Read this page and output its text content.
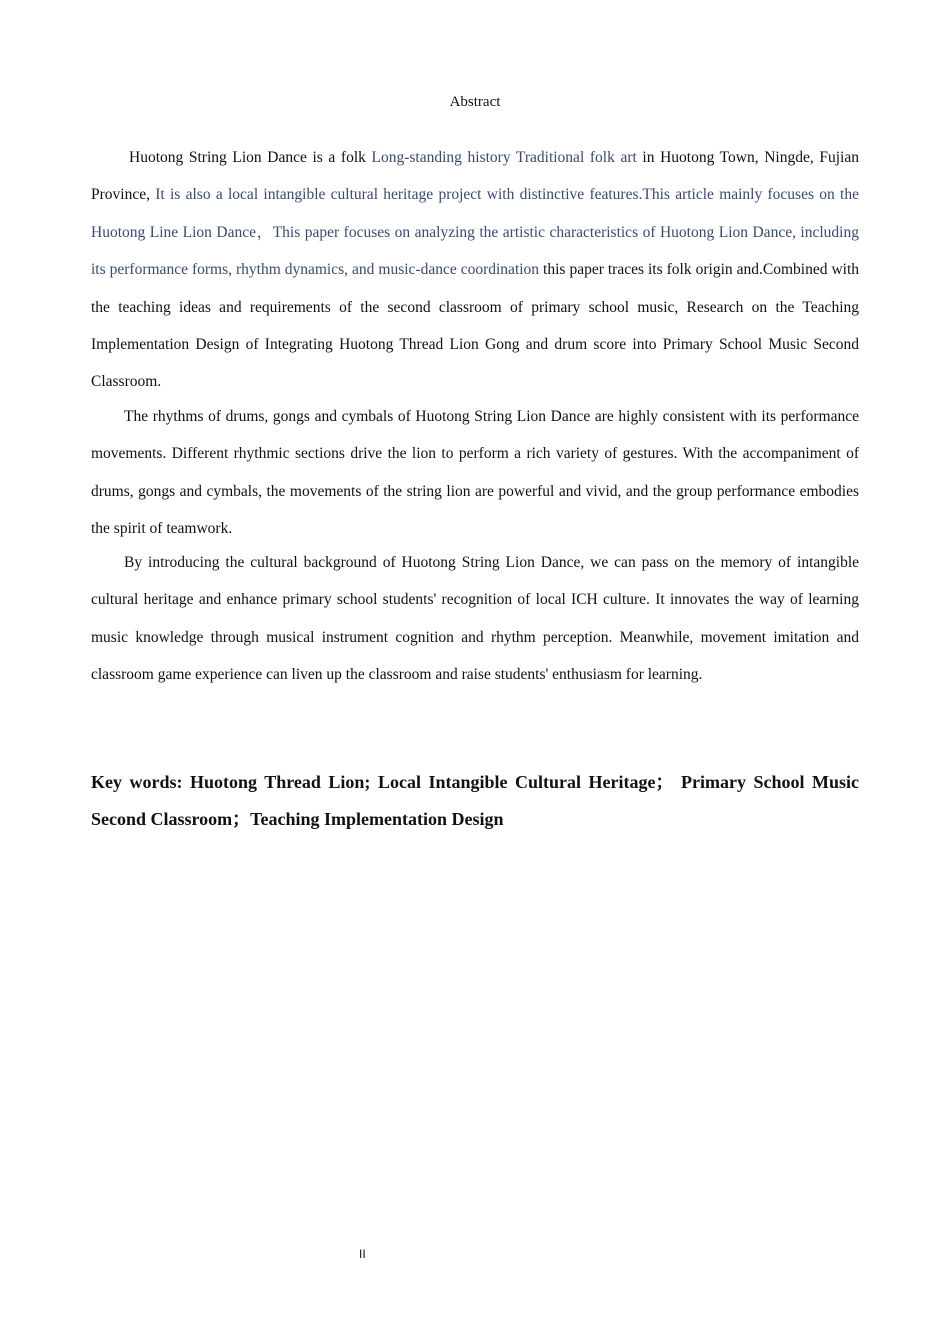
Abstract

Huotong String Lion Dance is a folk Long-standing history Traditional folk art in Huotong Town, Ningde, Fujian Province, It is also a local intangible cultural heritage project with distinctive features.This article mainly focuses on the Huotong Line Lion Dance，This paper focuses on analyzing the artistic characteristics of Huotong Lion Dance, including its performance forms, rhythm dynamics, and music-dance coordination this paper traces its folk origin and.Combined with the teaching ideas and requirements of the second classroom of primary school music, Research on the Teaching Implementation Design of Integrating Huotong Thread Lion Gong and drum score into Primary School Music Second Classroom.

The rhythms of drums, gongs and cymbals of Huotong String Lion Dance are highly consistent with its performance movements. Different rhythmic sections drive the lion to perform a rich variety of gestures. With the accompaniment of drums, gongs and cymbals, the movements of the string lion are powerful and vivid, and the group performance embodies the spirit of teamwork.

By introducing the cultural background of Huotong String Lion Dance, we can pass on the memory of intangible cultural heritage and enhance primary school students' recognition of local ICH culture. It innovates the way of learning music knowledge through musical instrument cognition and rhythm perception. Meanwhile, movement imitation and classroom game experience can liven up the classroom and raise students' enthusiasm for learning.

Key words: Huotong Thread Lion; Local Intangible Cultural Heritage； Primary School Music Second Classroom；Teaching Implementation Design

II
